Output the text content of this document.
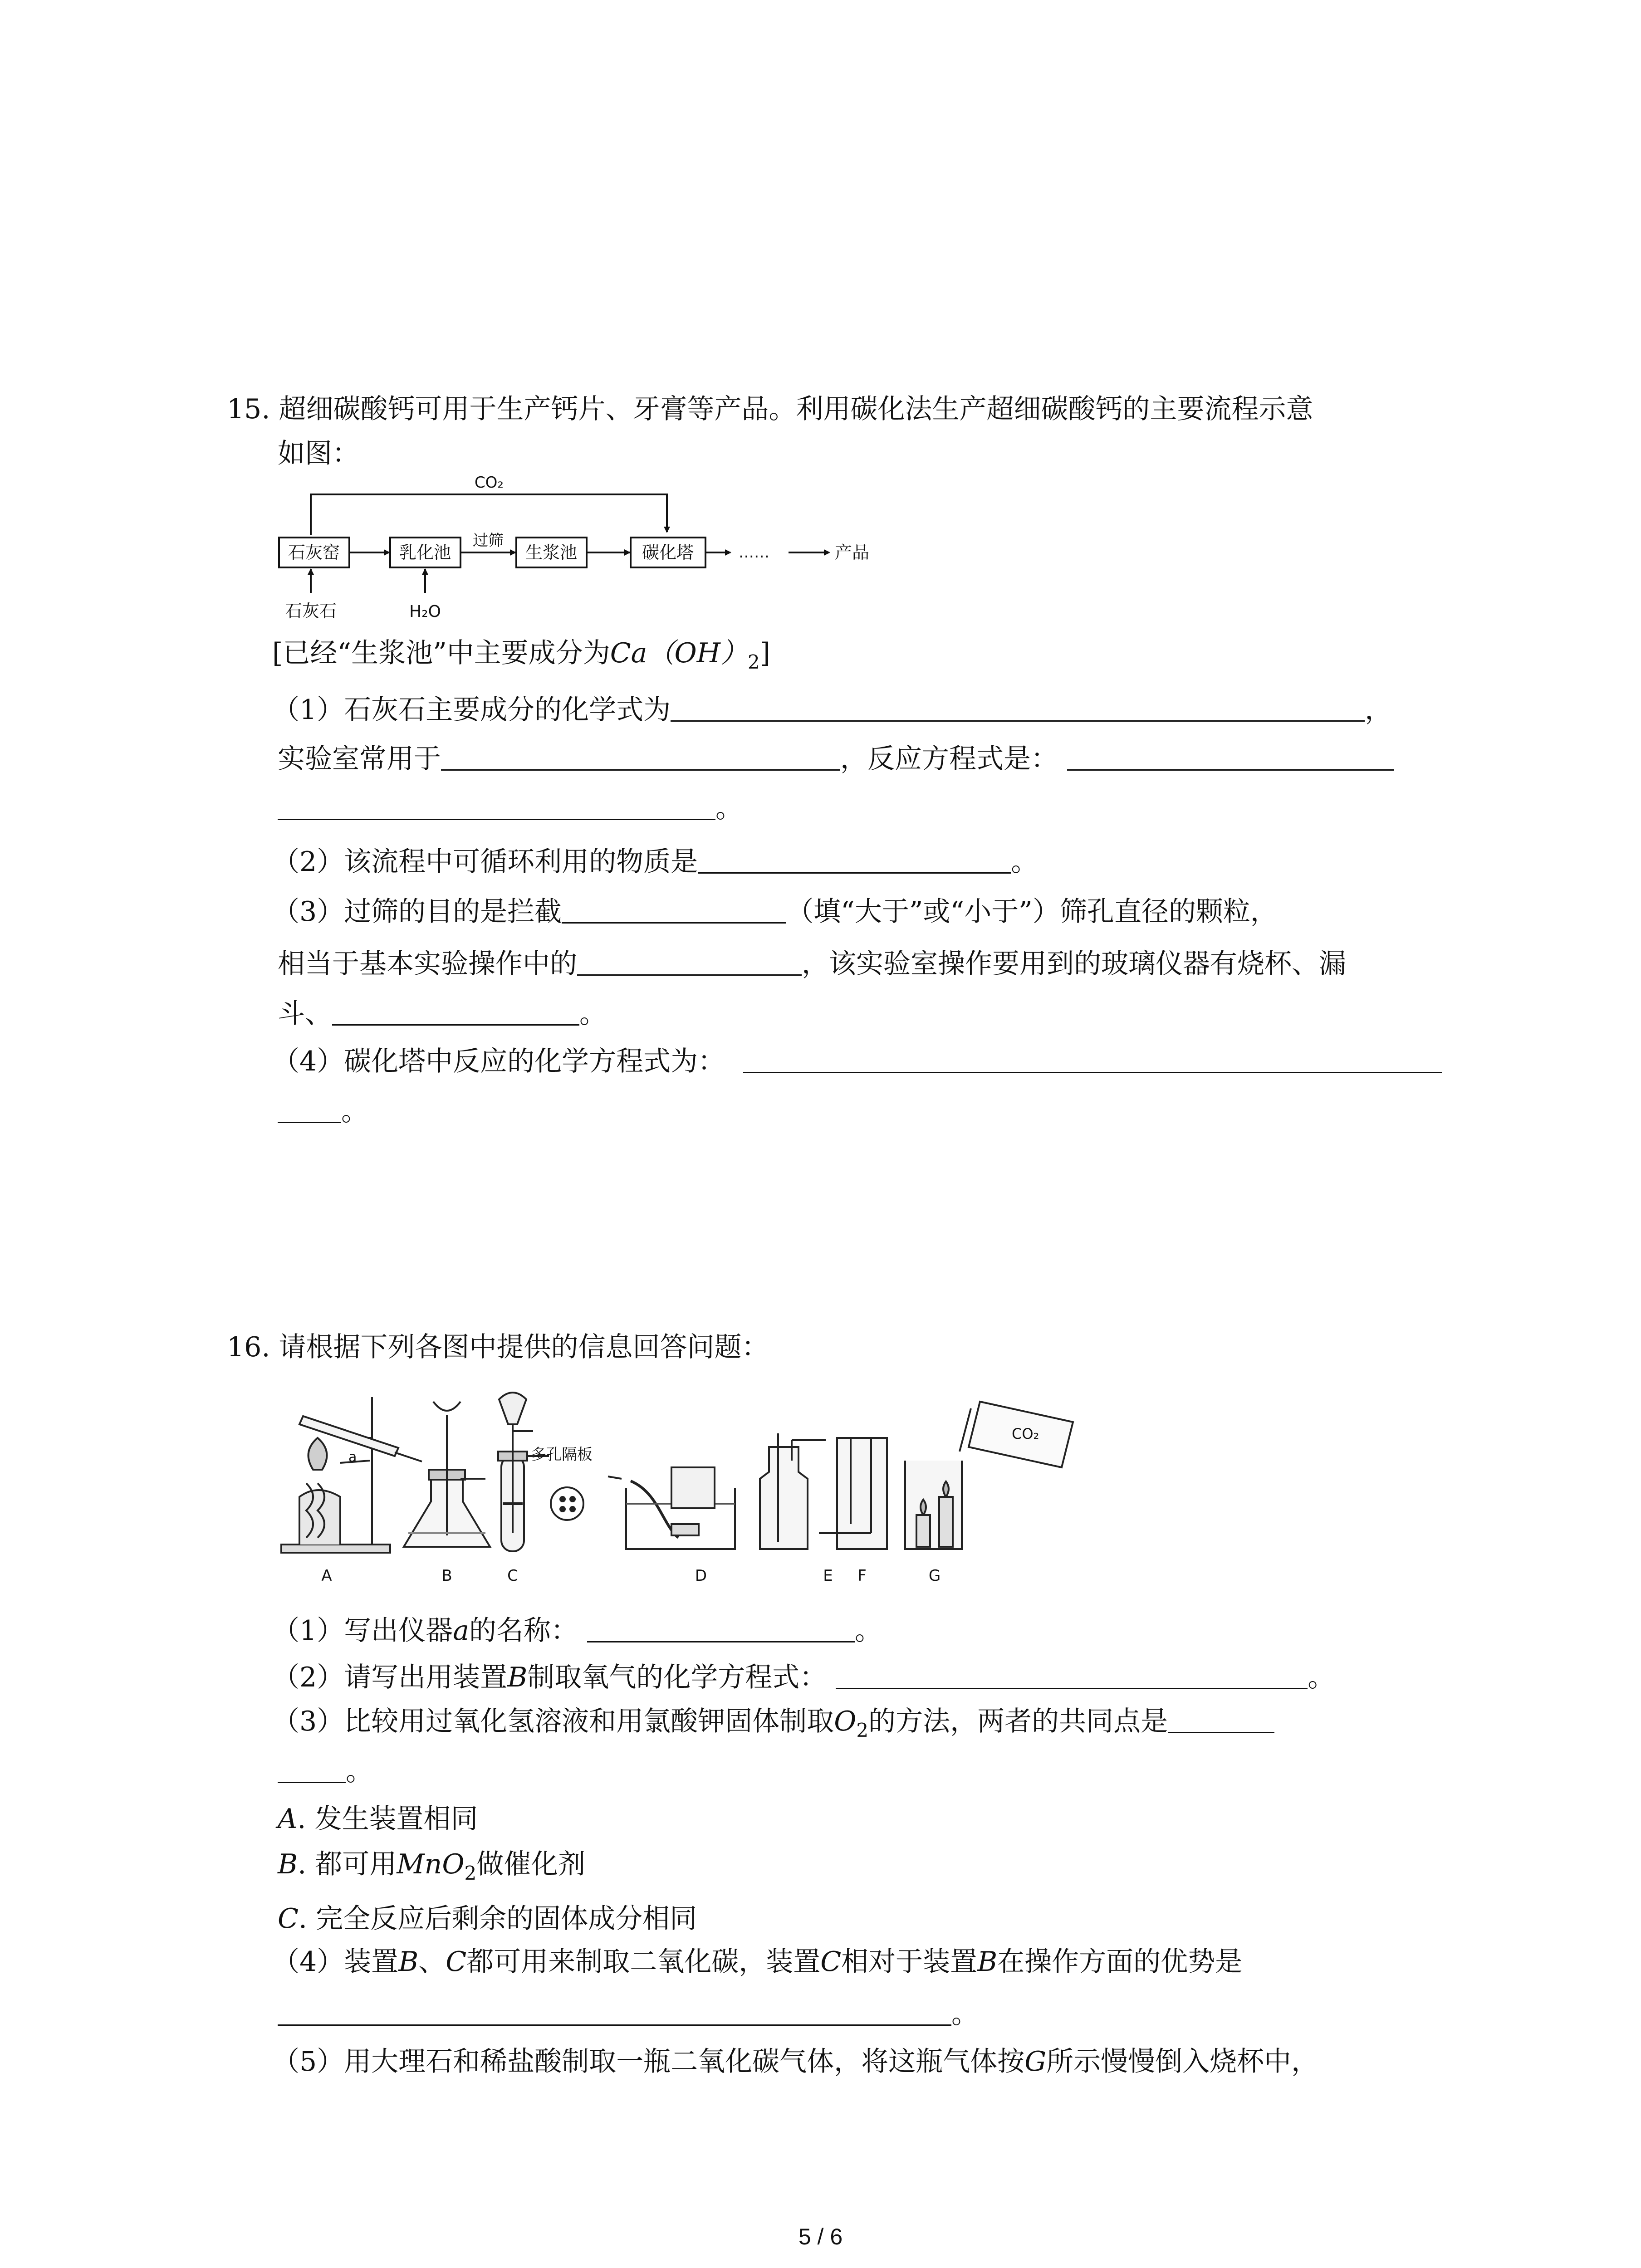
15. 超细碳酸钙可用于生产钙片、牙膏等产品。利用碳化法生产超细碳酸钙的主要流程示意
如图：
CO₂
石灰窑	乳化池	生浆池	碳化塔
过筛
……	产品
石灰石	H₂O
[已经“生浆池”中主要成分为$Ca(OH)_2$]
（1）石灰石主要成分的化学式为	，
实验室常用于	，反应方程式是：
。
（2）该流程中可循环利用的物质是	。
（3）过筛的目的是拦截	（填“大于”或“小于”）筛孔直径的颗粒，
相当于基本实验操作中的	，该实验室操作要用到的玻璃仪器有烧杯、漏
斗、	。
（4）碳化塔中反应的化学方程式为：
。
16. 请根据下列各图中提供的信息回答问题：
a	多孔隔板
CO₂
A	B	C	D	E F	G
（1）写出仪器a的名称：	。
（2）请写出用装置B制取氧气的化学方程式：	。
（3）比较用过氧化氢溶液和用氯酸钾固体制取$O_2$的方法，两者的共同点是
。
A. 发生装置相同
B. 都可用MnO$_2$做催化剂
C. 完全反应后剩余的固体成分相同
（4）装置B、C都可用来制取二氧化碳，装置C相对于装置B在操作方面的优势是
。
（5）用大理石和稀盐酸制取一瓶二氧化碳气体，将这瓶气体按G所示慢慢倒入烧杯中，
5 / 6
